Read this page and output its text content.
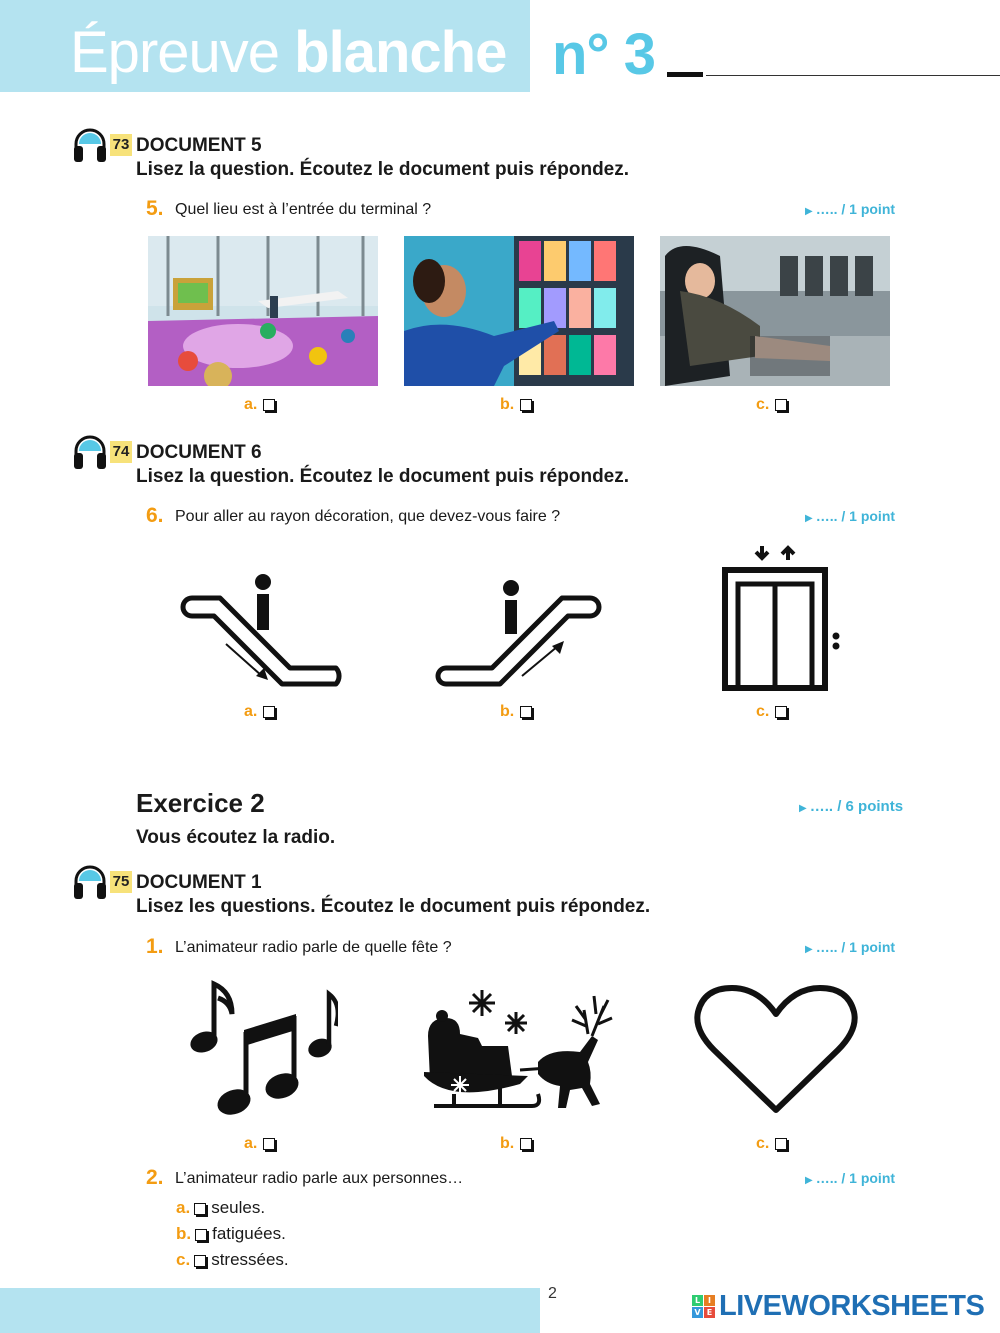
Épreuve blanche n° 3
73 DOCUMENT 5
Lisez la question. Écoutez le document puis répondez.
5. Quel lieu est à l’entrée du terminal ?	▶ ….. / 1 point
a.	b.	c.
74 DOCUMENT 6
Lisez la question. Écoutez le document puis répondez.
6. Pour aller au rayon décoration, que devez-vous faire ?	▶ ….. / 1 point
a.	b.	c.
Exercice 2	▶ ….. / 6 points
Vous écoutez la radio.
75 DOCUMENT 1
Lisez les questions. Écoutez le document puis répondez.
1. L’animateur radio parle de quelle fête ?	▶ ….. / 1 point
a.	b.	c.
2. L’animateur radio parle aux personnes…	▶ ….. / 1 point
a. seules.
b. fatiguées.
c. stressées.
2	L I
V E LIVEWORKSHEETS
